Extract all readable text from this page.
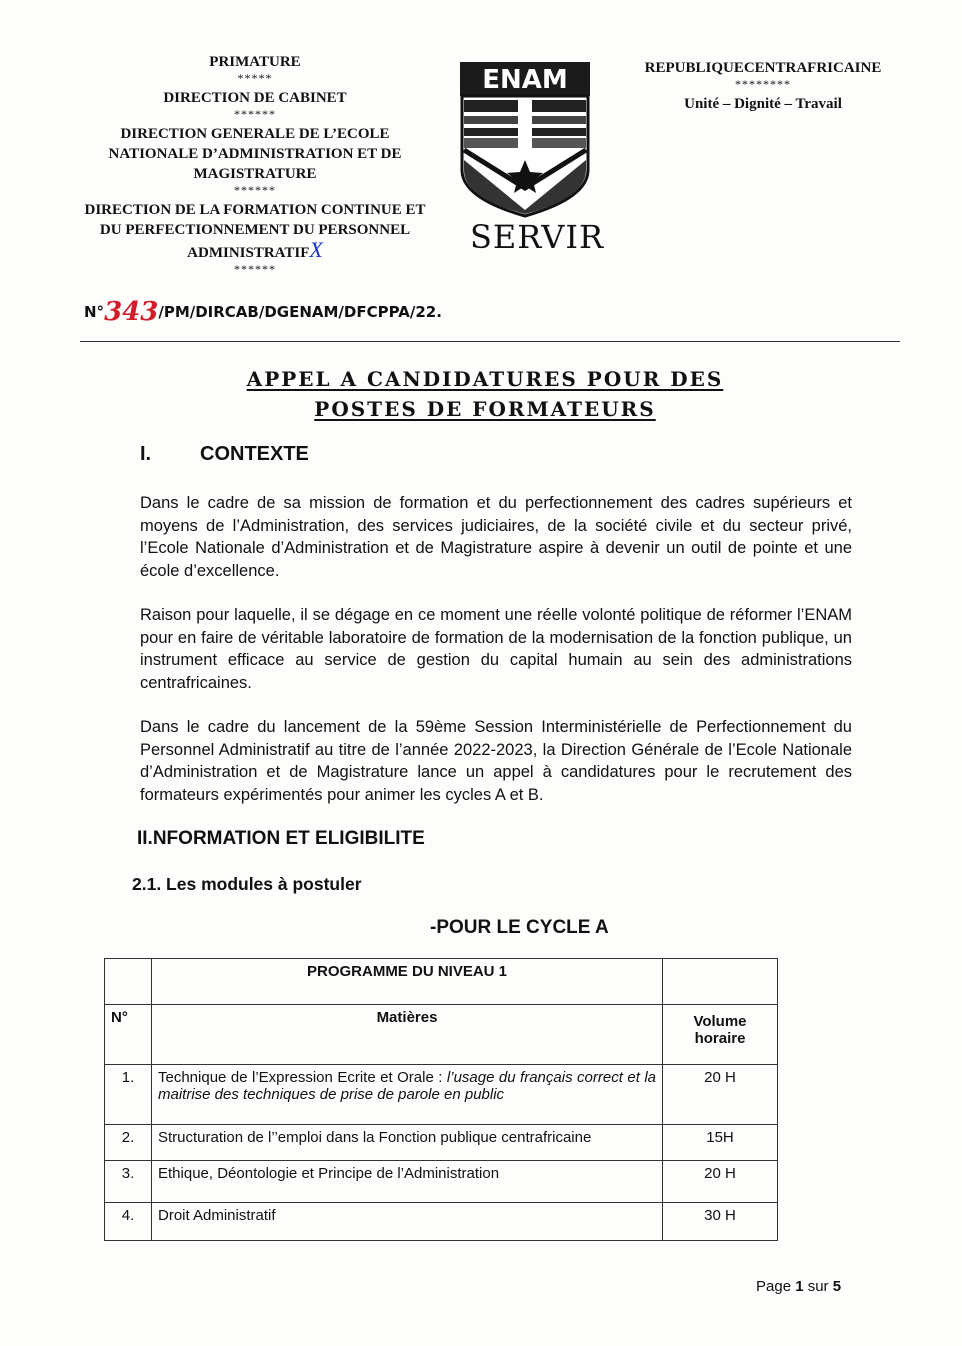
PRIMATURE
*****
DIRECTION DE CABINET
******
DIRECTION GENERALE DE L’ECOLE NATIONALE D’ADMINISTRATION ET DE MAGISTRATURE
******
DIRECTION DE LA FORMATION CONTINUE ET DU PERFECTIONNEMENT DU PERSONNEL ADMINISTRATIFX
******
N°343/PM/DIRCAB/DGENAM/DFCPPA/22.
ENAM
SERVIR
REPUBLIQUECENTRAFRICAINE
********
Unité – Dignité – Travail
APPEL A CANDIDATURES POUR DES
POSTES DE FORMATEURS
I. CONTEXTE
Dans le cadre de sa mission de formation et du perfectionnement des cadres supérieurs et moyens de l’Administration, des services judiciaires, de la société civile et du secteur privé, l’Ecole Nationale d’Administration et de Magistrature aspire à devenir un outil de pointe et une école d’excellence.
Raison pour laquelle, il se dégage en ce moment une réelle volonté politique de réformer l’ENAM pour en faire de véritable laboratoire de formation de la modernisation de la fonction publique, un instrument efficace au service de gestion du capital humain au sein des administrations centrafricaines.
Dans le cadre du lancement de la 59ème Session Interministérielle de Perfectionnement du Personnel Administratif au titre de l’année 2022-2023, la Direction Générale de l’Ecole Nationale d’Administration et de Magistrature lance un appel à candidatures pour le recrutement des formateurs expérimentés pour animer les cycles A et B.
II.NFORMATION ET ELIGIBILITE
2.1. Les modules à postuler
-POUR LE CYCLE A
	PROGRAMME DU NIVEAU 1	
N°	Matières	Volume horaire
1.	Technique de l’Expression Ecrite et Orale : l’usage du français correct et la maitrise des techniques de prise de parole en public	20 H
2.	Structuration de l’’emploi dans la Fonction publique centrafricaine	15H
3.	Ethique, Déontologie et Principe de l’Administration	20 H
4.	Droit Administratif	30 H
Page 1 sur 5
